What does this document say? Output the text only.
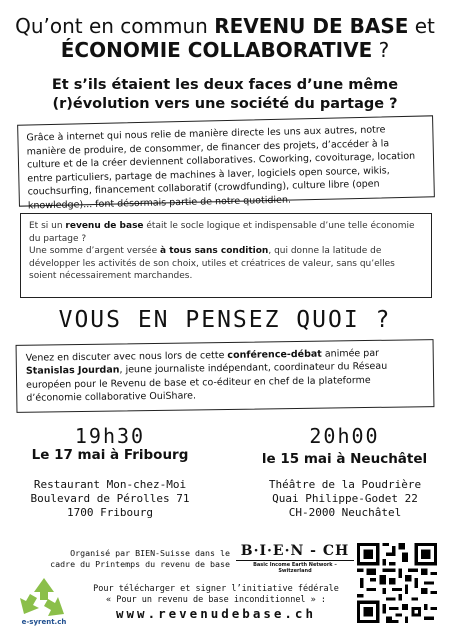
Qu’ont en commun REVENU DE BASE et
ÉCONOMIE COLLABORATIVE ?
Et s’ils étaient les deux faces d’une même (r)évolution vers une société du partage ?

Grâce à internet qui nous relie de manière directe les uns aux autres, notre manière de produire, de consommer, de financer des projets, d’accéder à la culture et de la créer deviennent collaboratives. Coworking, covoiturage, location entre particuliers, partage de machines à laver, logiciels open source, wikis, couchsurfing, financement collaboratif (crowdfunding), culture libre (open knowledge)... font désormais partie de notre quotidien.

Et si un revenu de base était le socle logique et indispensable d’une telle économie du partage ?

Une somme d’argent versée à tous sans condition, qui donne la latitude de développer les activités de son choix, utiles et créatrices de valeur, sans qu’elles soient nécessairement marchandes.

VOUS EN PENSEZ QUOI ?

Venez en discuter avec nous lors de cette conférence-débat animée par Stanislas Jourdan, jeune journaliste indépendant, coordinateur du Réseau européen pour le Revenu de base et co-éditeur en chef de la plateforme d’économie collaborative OuiShare.

19h30
Le 17 mai à Fribourg
Restaurant Mon-chez-Moi
Boulevard de Pérolles 71
1700 Fribourg
20h00
le 15 mai à Neuchâtel
Théâtre de la Poudrière
Quai Philippe-Godet 22
CH-2000 Neuchâtel
Organisé par BIEN-Suisse dans le
cadre du Printemps du revenu de base
B·I·E·N - CH
Basic Income Earth Network – Switzerland
e-syrent.ch
Pour télécharger et signer l’initiative fédérale
« Pour un revenu de base inconditionnel » :
www.revenudebase.ch
